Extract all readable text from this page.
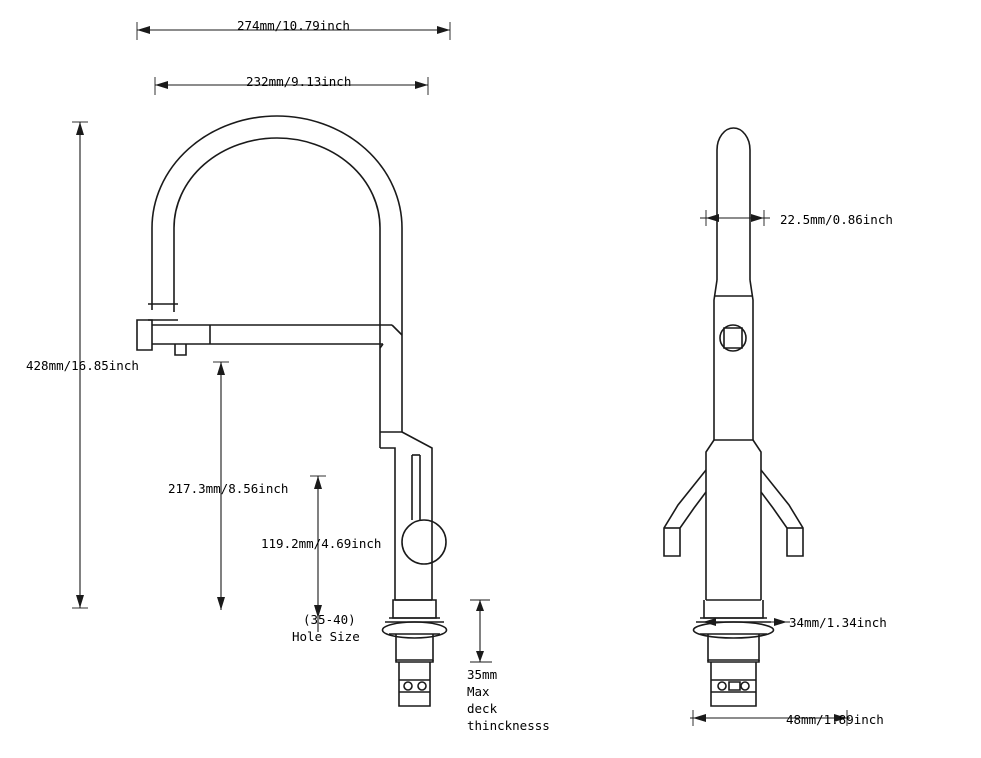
274mm/10.79inch
232mm/9.13inch
428mm/16.85inch
217.3mm/8.56inch
119.2mm/4.69inch
(35-40)
Hole Size
35mm
Max
deck
thincknesss
22.5mm/0.86inch
34mm/1.34inch
48mm/1.89inch
